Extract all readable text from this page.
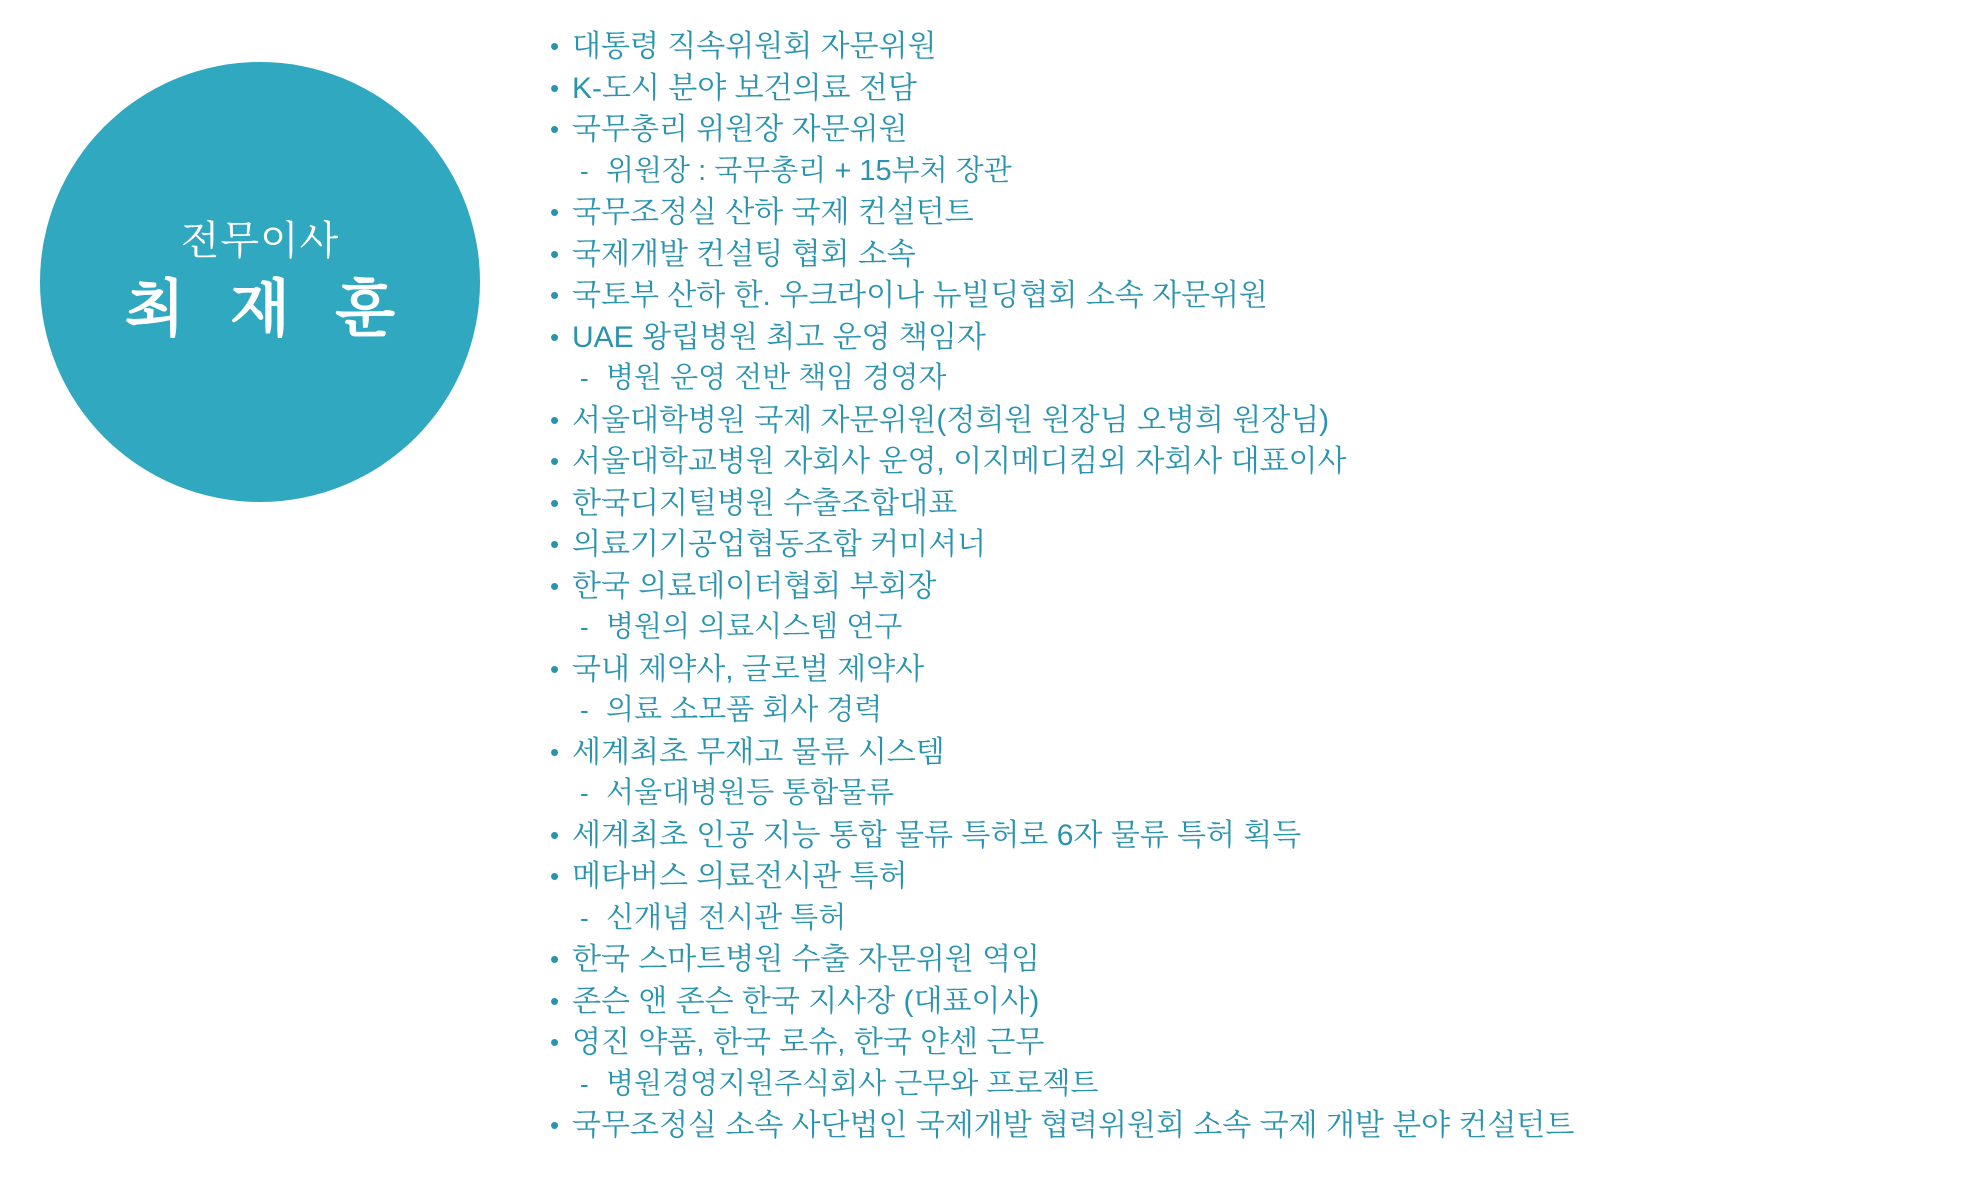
전무이사
최 재 훈
• 대통령 직속위원회 자문위원
• K-도시 분야 보건의료 전담
• 국무총리 위원장 자문위원
- 위원장 : 국무총리 + 15부처 장관
• 국무조정실 산하 국제 컨설턴트
• 국제개발 컨설팅 협회 소속
• 국토부 산하 한. 우크라이나 뉴빌딩협회 소속 자문위원
• UAE 왕립병원 최고 운영 책임자
- 병원 운영 전반 책임 경영자
• 서울대학병원 국제 자문위원(정희원 원장님 오병희 원장님)
• 서울대학교병원 자회사 운영, 이지메디컴외 자회사 대표이사
• 한국디지털병원 수출조합대표
• 의료기기공업협동조합 커미셔너
• 한국 의료데이터협회 부회장
- 병원의 의료시스템 연구
• 국내 제약사, 글로벌 제약사
- 의료 소모품 회사 경력
• 세계최초 무재고 물류 시스템
- 서울대병원등 통합물류
• 세계최초 인공 지능 통합 물류 특허로 6자 물류 특허 획득
• 메타버스 의료전시관 특허
- 신개념 전시관 특허
• 한국 스마트병원 수출 자문위원 역임
• 존슨 앤 존슨 한국 지사장 (대표이사)
• 영진 약품, 한국 로슈, 한국 얀센 근무
- 병원경영지원주식회사 근무와 프로젝트
• 국무조정실 소속 사단법인 국제개발 협력위원회 소속 국제 개발 분야 컨설턴트
